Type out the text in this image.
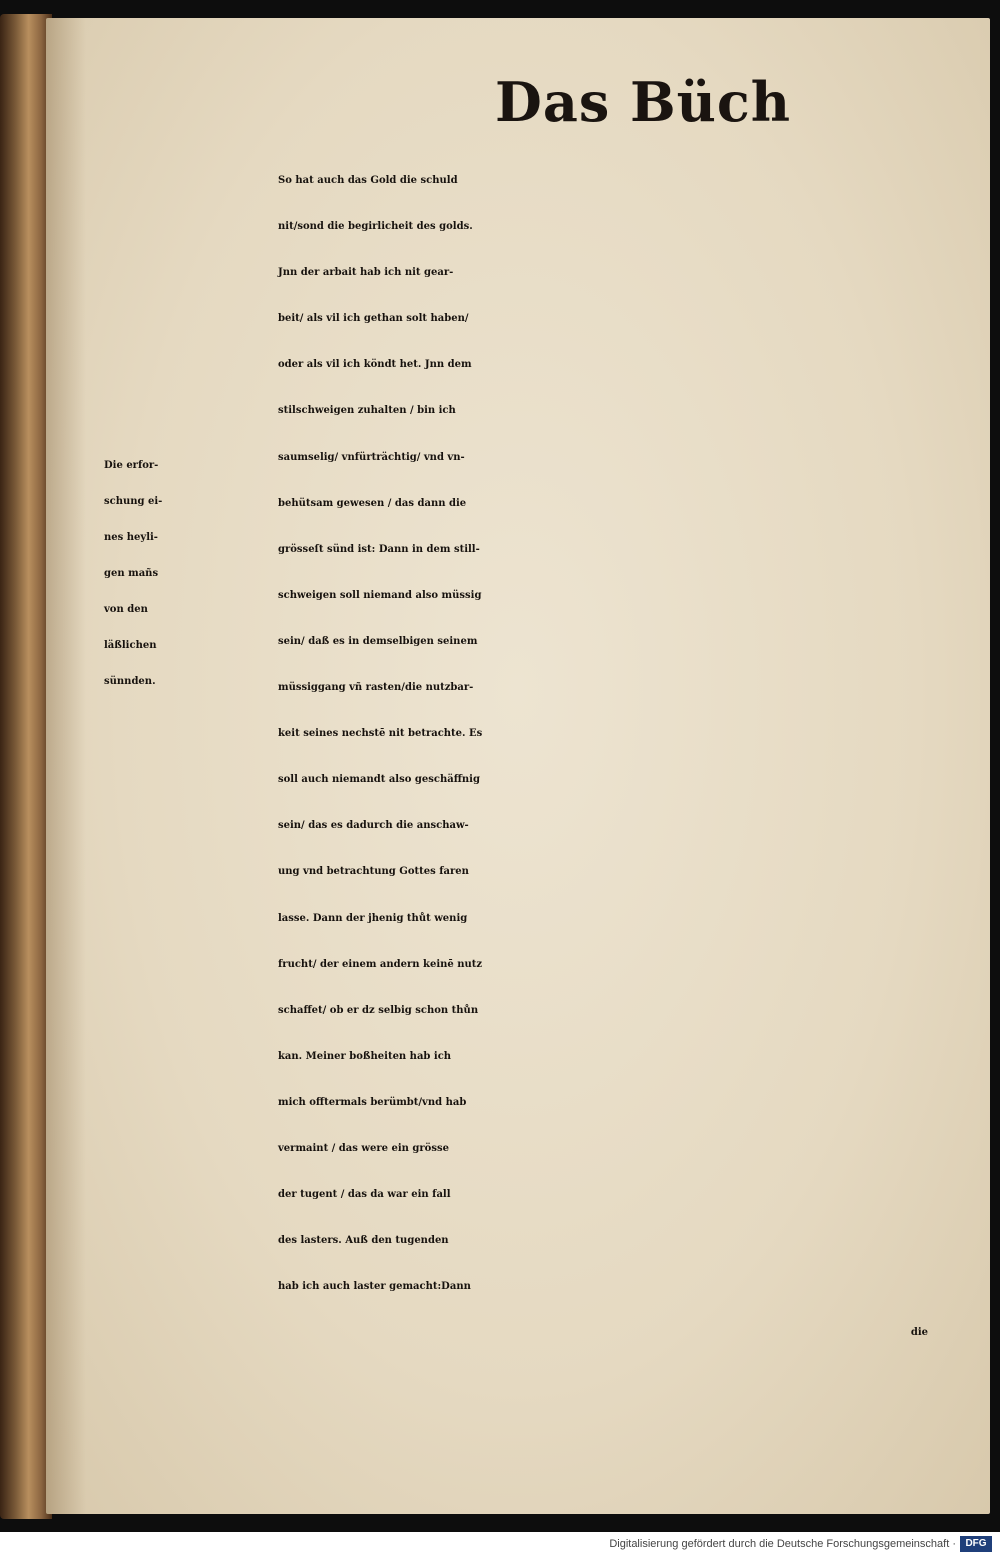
Das Büch
Die erfor-
schung ei-
nes heyli-
gen mañs
von den
läßlichen
sünnden.
So hat auch das Gold die schuld
nit/sond die begirlicheit des golds.
Jnn der arbait hab ich nit gear-
beit/ als vil ich gethan solt haben/
oder als vil ich köndt het. Jnn dem
stilschweigen zuhalten / bin ich
saumselig/ vnfürträchtig/ vnd vn-
behütsam gewesen / das dann die
grösseſt sünd ist: Dann in dem still-
schweigen soll niemand also müssig
sein/ daß es in demselbigen seinem
müssiggang vñ rasten/die nutzbar-
keit seines nechstē nit betrachte. Es
soll auch niemandt also geschäffnig
sein/ das es dadurch die anschaw-
ung vnd betrachtung Gottes faren
lasse. Dann der jhenig thůt wenig
frucht/ der einem andern keinē nutz
schaffet/ ob er dz selbig schon thůn
kan. Meiner boßheiten hab ich
mich offtermals berümbt/vnd hab
vermaint / das were ein grösse
der tugent / das da war ein fall
des lasters. Auß den tugenden
hab ich auch laster gemacht:Dann
die
Digitalisierung gefördert durch die Deutsche Forschungsgemeinschaft · DFG
